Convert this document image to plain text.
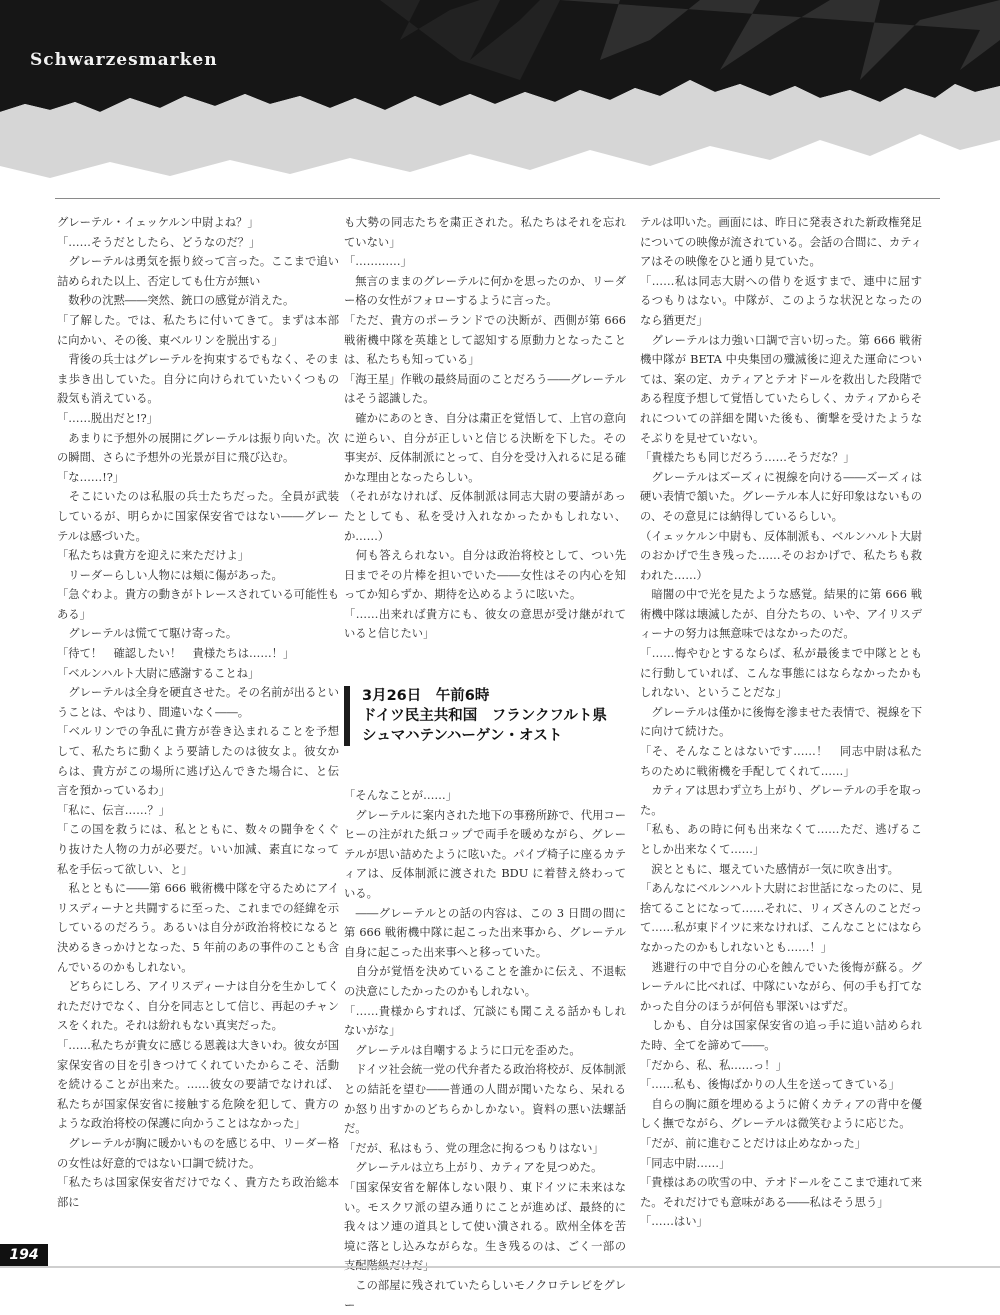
Schwarzesmarken

グレーテル・イェッケルン中尉よね？」

「……そうだとしたら、どうなのだ？」

　グレーテルは勇気を振り絞って言った。ここまで追い詰められた以上、否定しても仕方が無い

　数秒の沈黙――突然、銃口の感覚が消えた。

「了解した。では、私たちに付いてきて。まずは本部に向かい、その後、東ベルリンを脱出する」

　背後の兵士はグレーテルを拘束するでもなく、そのまま歩き出していた。自分に向けられていたいくつもの殺気も消えている。

「……脱出だと!?」

　あまりに予想外の展開にグレーテルは振り向いた。次の瞬間、さらに予想外の光景が目に飛び込む。

「な……!?」

　そこにいたのは私服の兵士たちだった。全員が武装しているが、明らかに国家保安省ではない――グレーテルは感づいた。

「私たちは貴方を迎えに来ただけよ」

　リーダーらしい人物には頬に傷があった。

「急ぐわよ。貴方の動きがトレースされている可能性もある」

　グレーテルは慌てて駆け寄った。

「待て！　確認したい！　貴様たちは……！」

「ベルンハルト大尉に感謝することね」

　グレーテルは全身を硬直させた。その名前が出るということは、やはり、間違いなく――。

「ベルリンでの争乱に貴方が巻き込まれることを予想して、私たちに動くよう要請したのは彼女よ。彼女からは、貴方がこの場所に逃げ込んできた場合に、と伝言を預かっているわ」

「私に、伝言……？」

「この国を救うには、私とともに、数々の闘争をくぐり抜けた人物の力が必要だ。いい加減、素直になって私を手伝って欲しい、と」

　私とともに――第 666 戦術機中隊を守るためにアイリスディーナと共闘するに至った、これまでの経緯を示しているのだろう。あるいは自分が政治将校になると決めるきっかけとなった、5 年前のあの事件のことも含んでいるのかもしれない。

　どちらにしろ、アイリスディーナは自分を生かしてくれただけでなく、自分を同志として信じ、再起のチャンスをくれた。それは紛れもない真実だった。

「……私たちが貴女に感じる恩義は大きいわ。彼女が国家保安省の目を引きつけてくれていたからこそ、活動を続けることが出来た。……彼女の要請でなければ、私たちが国家保安省に接触する危険を犯して、貴方のような政治将校の保護に向かうことはなかった」

　グレーテルが胸に暖かいものを感じる中、リーダー格の女性は好意的ではない口調で続けた。

「私たちは国家保安省だけでなく、貴方たち政治総本部に

も大勢の同志たちを粛正された。私たちはそれを忘れていない」

「…………」

　無言のままのグレーテルに何かを思ったのか、リーダー格の女性がフォローするように言った。

「ただ、貴方のポーランドでの決断が、西側が第 666 戦術機中隊を英雄として認知する原動力となったことは、私たちも知っている」

「海王星」作戦の最終局面のことだろう――グレーテルはそう認識した。

　確かにあのとき、自分は粛正を覚悟して、上官の意向に逆らい、自分が正しいと信じる決断を下した。その事実が、反体制派にとって、自分を受け入れるに足る確かな理由となったらしい。

（それがなければ、反体制派は同志大尉の要請があったとしても、私を受け入れなかったかもしれない、か……）

　何も答えられない。自分は政治将校として、つい先日までその片棒を担いでいた――女性はその内心を知ってか知らずか、期待を込めるように呟いた。

「……出来れば貴方にも、彼女の意思が受け継がれていると信じたい」

3月26日　午前6時
ドイツ民主共和国　フランクフルト県
シュマハテンハーゲン・オスト

「そんなことが……」

　グレーテルに案内された地下の事務所跡で、代用コーヒーの注がれた紙コップで両手を暖めながら、グレーテルが思い詰めたように呟いた。パイプ椅子に座るカティアは、反体制派に渡された BDU に着替え終わっている。

　――グレーテルとの話の内容は、この 3 日間の間に第 666 戦術機中隊に起こった出来事から、グレーテル自身に起こった出来事へと移っていた。

　自分が覚悟を決めていることを誰かに伝え、不退転の決意にしたかったのかもしれない。

「……貴様からすれば、冗談にも聞こえる話かもしれないがな」

　グレーテルは自嘲するように口元を歪めた。

　ドイツ社会統一党の代弁者たる政治将校が、反体制派との結託を望む――普通の人間が聞いたなら、呆れるか怒り出すかのどちらかしかない。資料の悪い法螺話だ。

「だが、私はもう、党の理念に拘るつもりはない」

　グレーテルは立ち上がり、カティアを見つめた。

「国家保安省を解体しない限り、東ドイツに未来はない。モスクワ派の望み通りにことが進めば、最終的に我々はソ連の道具として使い潰される。欧州全体を苦境に落とし込みながらな。生き残るのは、ごく一部の

　この部屋に残されていたらしいモノクロテレビをグレー

テルは叩いた。画面には、昨日に発表された新政権発足についての映像が流されている。会話の合間に、カティアはその映像をひと通り見ていた。

「……私は同志大尉への借りを返すまで、連中に屈するつもりはない。中隊が、このような状況となったのなら猶更だ」

　グレーテルは力強い口調で言い切った。第 666 戦術機中隊が BETA 中央集団の殲滅後に迎えた運命については、案の定、カティアとテオドールを救出した段階である程度予想して覚悟していたらしく、カティアからそれについての詳細を聞いた後も、衝撃を受けたようなそぶりを見せていない。

「貴様たちも同じだろう……そうだな？」

　グレーテルはズーズィに視線を向ける――ズーズィは硬い表情で頷いた。グレーテル本人に好印象はないものの、その意見には納得しているらしい。

（イェッケルン中尉も、反体制派も、ベルンハルト大尉のおかげで生き残った……そのおかげで、私たちも救われた……）

　暗闇の中で光を見たような感覚。結果的に第 666 戦術機中隊は壊滅したが、自分たちの、いや、アイリスディーナの努力は無意味ではなかったのだ。

「……悔やむとするならば、私が最後まで中隊とともに行動していれば、こんな事態にはならなかったかもしれない、ということだな」

　グレーテルは僅かに後悔を滲ませた表情で、視線を下に向けて続けた。

「そ、そんなことはないです……！　同志中尉は私たちのために戦術機を手配してくれて……」

　カティアは思わず立ち上がり、グレーテルの手を取った。

「私も、あの時に何も出来なくて……ただ、逃げることしか出来なくて……」

　涙とともに、堰えていた感情が一気に吹き出す。

「あんなにベルンハルト大尉にお世話になったのに、見捨てることになって……それに、リィズさんのことだって……私が東ドイツに来なければ、こんなことにはならなかったのかもしれないとも……！」

　逃避行の中で自分の心を蝕んでいた後悔が蘇る。グレーテルに比べれば、中隊にいながら、何の手も打てなかった自分のほうが何倍も罪深いはずだ。

　しかも、自分は国家保安省の追っ手に追い詰められた時、全てを諦めて――。

「だから、私、私……っ！」

「……私も、後悔ばかりの人生を送ってきている」

　自らの胸に顔を埋めるように俯くカティアの背中を優しく撫でながら、グレーテルは微笑むように応じた。

「だが、前に進むことだけは止めなかった」

「同志中尉……」

「貴様はあの吹雪の中、テオドールをここまで連れて来た。それだけでも意味がある――私はそう思う」

「……はい」

194
